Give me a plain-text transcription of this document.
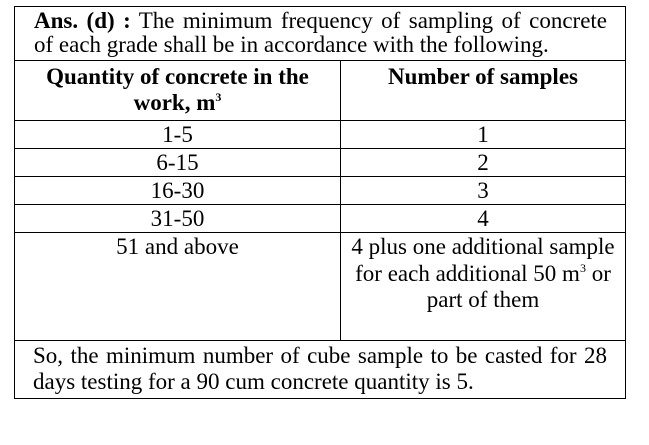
Ans. (d) : The minimum frequency of sampling of concrete of each grade shall be in accordance with the following.
Quantity of concrete in the work, $m^3$	Number of samples
1-5	1
6-15	2
16-30	3
31-50	4
51 and above	4 plus one additional sample for each additional 50 $m^3$ or part of them
So, the minimum number of cube sample to be casted for 28 days testing for a 90 cum concrete quantity is 5.
